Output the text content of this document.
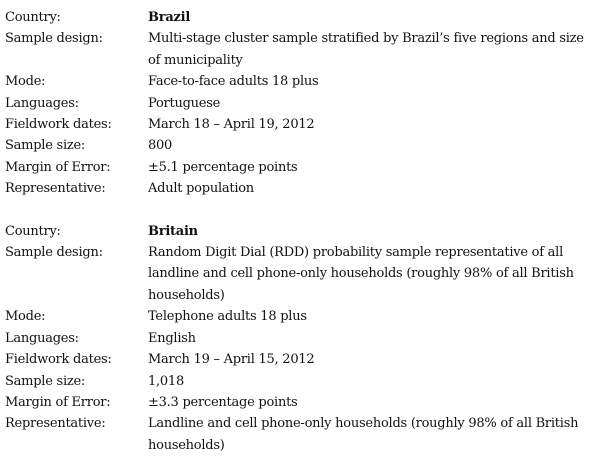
Country:	Brazil
Sample design:	Multi-stage cluster sample stratified by Brazil’s five regions and size of municipality
Mode:	Face-to-face adults 18 plus
Languages:	Portuguese
Fieldwork dates:	March 18 – April 19, 2012
Sample size:	800
Margin of Error:	±5.1 percentage points
Representative:	Adult population
Country:	Britain
Sample design:	Random Digit Dial (RDD) probability sample representative of all landline and cell phone-only households (roughly 98% of all British households)
Mode:	Telephone adults 18 plus
Languages:	English
Fieldwork dates:	March 19 – April 15, 2012
Sample size:	1,018
Margin of Error:	±3.3 percentage points
Representative:	Landline and cell phone-only households (roughly 98% of all British households)
